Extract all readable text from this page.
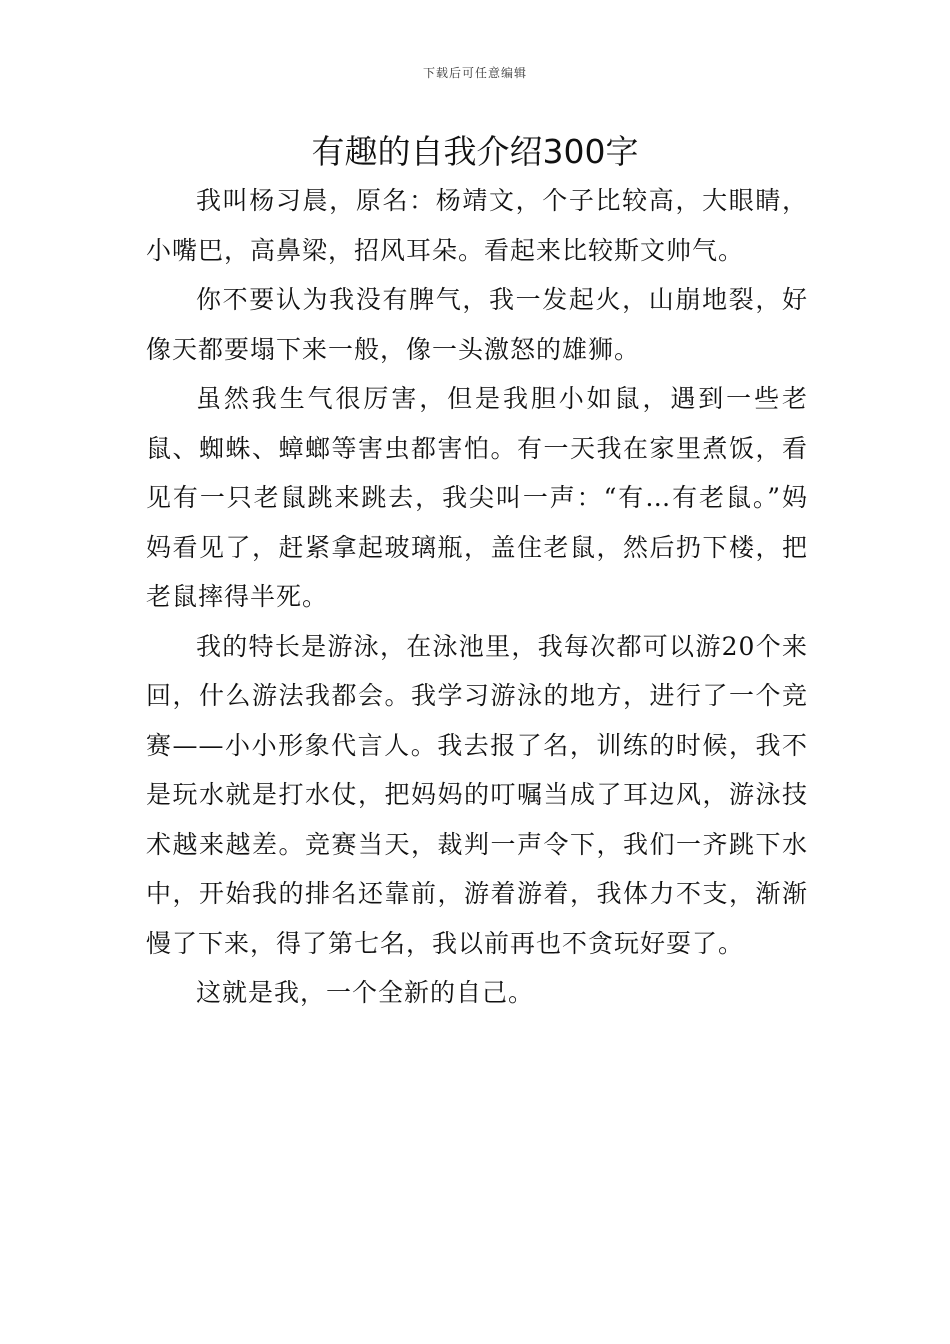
下载后可任意编辑
有趣的自我介绍300字

我叫杨习晨，原名：杨靖文，个子比较高，大眼睛，小嘴巴，高鼻梁，招风耳朵。看起来比较斯文帅气。

你不要认为我没有脾气，我一发起火，山崩地裂，好像天都要塌下来一般，像一头激怒的雄狮。

虽然我生气很厉害，但是我胆小如鼠，遇到一些老鼠、蜘蛛、蟑螂等害虫都害怕。有一天我在家里煮饭，看见有一只老鼠跳来跳去，我尖叫一声：“有…有老鼠。”妈妈看见了，赶紧拿起玻璃瓶，盖住老鼠，然后扔下楼，把老鼠摔得半死。

我的特长是游泳，在泳池里，我每次都可以游20个来回，什么游法我都会。我学习游泳的地方，进行了一个竞赛——小小形象代言人。我去报了名，训练的时候，我不是玩水就是打水仗，把妈妈的叮嘱当成了耳边风，游泳技术越来越差。竞赛当天，裁判一声令下，我们一齐跳下水中，开始我的排名还靠前，游着游着，我体力不支，渐渐慢了下来，得了第七名，我以前再也不贪玩好耍了。

这就是我，一个全新的自己。
